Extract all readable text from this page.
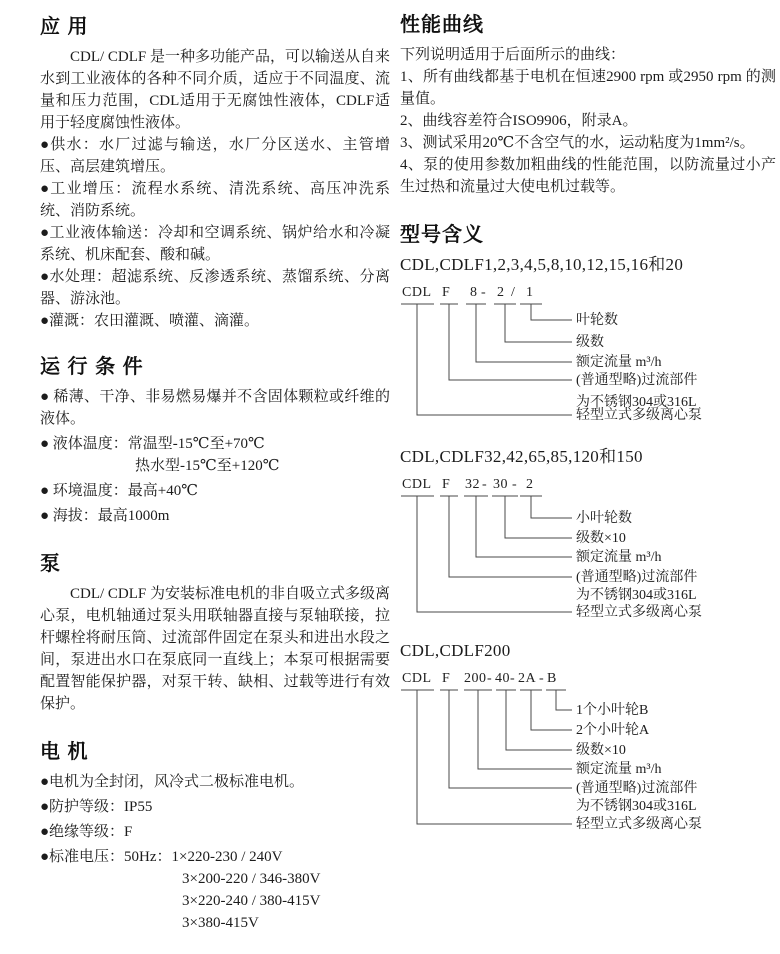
应 用

CDL/ CDLF 是一种多功能产品，可以输送从自来水到工业液体的各种不同介质，适应于不同温度、流量和压力范围，CDL适用于无腐蚀性液体，CDLF适用于轻度腐蚀性液体。

●供水：水厂过滤与输送，水厂分区送水、主管增压、高层建筑增压。

●工业增压：流程水系统、清洗系统、高压冲洗系统、消防系统。

●工业液体输送：冷却和空调系统、锅炉给水和冷凝系统、机床配套、酸和碱。

●水处理：超滤系统、反渗透系统、蒸馏系统、分离器、游泳池。

●灌溉：农田灌溉、喷灌、滴灌。

运 行 条 件

● 稀薄、干净、非易燃易爆并不含固体颗粒或纤维的液体。

● 液体温度：常温型-15℃至+70℃

热水型-15℃至+120℃

● 环境温度：最高+40℃

● 海拔：最高1000m

泵

CDL/ CDLF 为安装标准电机的非自吸立式多级离心泵，电机轴通过泵头用联轴器直接与泵轴联接，拉杆螺栓将耐压筒、过流部件固定在泵头和进出水段之间，泵进出水口在泵底同一直线上；本泵可根据需要配置智能保护器，对泵干转、缺相、过载等进行有效保护。

电 机

●电机为全封闭，风冷式二极标准电机。

●防护等级：IP55

●绝缘等级：F

●标准电压：50Hz：1×220-230 / 240V

3×200-220 / 346-380V

3×220-240 / 380-415V

3×380-415V

性能曲线

下列说明适用于后面所示的曲线：

1、所有曲线都基于电机在恒速2900 rpm 或2950 rpm 的测量值。

2、曲线容差符合ISO9906，附录A。

3、测试采用20℃不含空气的水，运动粘度为1mm²/s。

4、泵的使用参数加粗曲线的性能范围，以防流量过小产生过热和流量过大使电机过载等。

型号含义

CDL,CDLF1,2,3,4,5,8,10,12,15,16和20

CDL F 8 - 2 / 1
叶轮数
级数
额定流量 m³/h
(普通型略)过流部件
为不锈钢304或316L
轻型立式多级离心泵

CDL,CDLF32,42,65,85,120和150

CDL F 32 - 30 - 2
小叶轮数
级数×10
额定流量 m³/h
(普通型略)过流部件
为不锈钢304或316L
轻型立式多级离心泵

CDL,CDLF200

CDL F 200 - 40 - 2A - B
1个小叶轮B
2个小叶轮A
级数×10
额定流量 m³/h
(普通型略)过流部件
为不锈钢304或316L
轻型立式多级离心泵
